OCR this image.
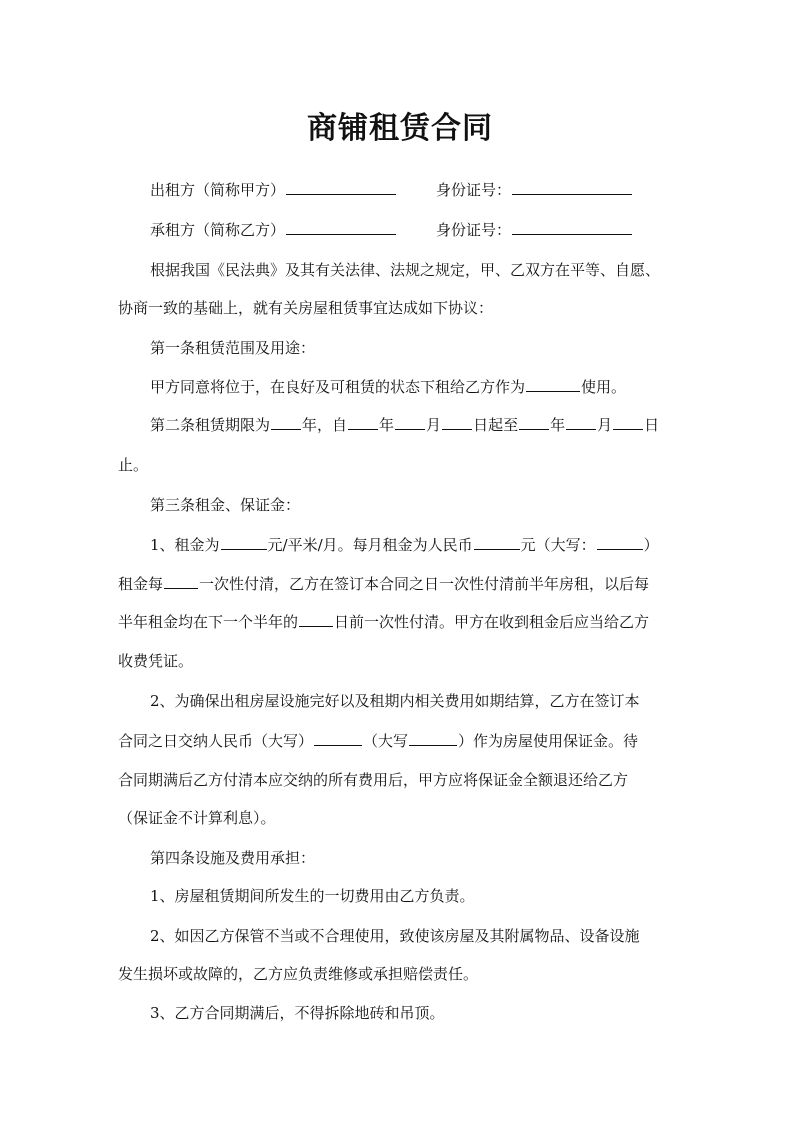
商铺租赁合同
出租方（简称甲方）	身份证号：
承租方（简称乙方）	身份证号：
根据我国《民法典》及其有关法律、法规之规定，甲、乙双方在平等、自愿、
协商一致的基础上，就有关房屋租赁事宜达成如下协议：
第一条租赁范围及用途：
甲方同意将位于，在良好及可租赁的状态下租给乙方作为	使用。
第二条租赁期限为 年，自 年 月 日起至 年 月 日
止。
第三条租金、保证金：
1、租金为	元/平米/月。每月租金为人民币	元（大写：	）
租金每 一次性付清，乙方在签订本合同之日一次性付清前半年房租，以后每
半年租金均在下一个半年的 日前一次性付清。甲方在收到租金后应当给乙方
收费凭证。
2、为确保出租房屋设施完好以及租期内相关费用如期结算，乙方在签订本
合同之日交纳人民币（大写）	（大写	）作为房屋使用保证金。待
合同期满后乙方付清本应交纳的所有费用后，甲方应将保证金全额退还给乙方
（保证金不计算利息）。
第四条设施及费用承担：
1、房屋租赁期间所发生的一切费用由乙方负责。
2、如因乙方保管不当或不合理使用，致使该房屋及其附属物品、设备设施
发生损坏或故障的，乙方应负责维修或承担赔偿责任。
3、乙方合同期满后，不得拆除地砖和吊顶。
